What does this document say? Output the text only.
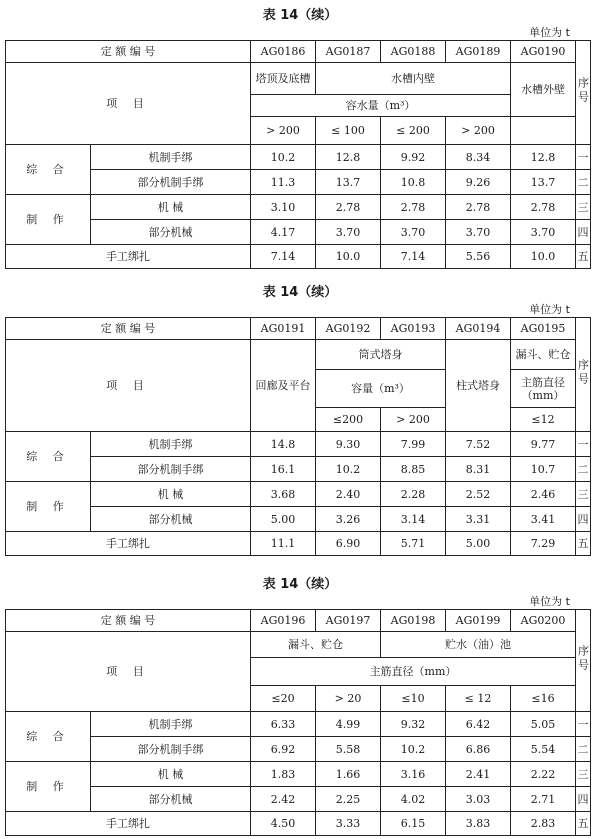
表 14（续）
单位为 t
定 额 编 号		AG0186	AG0187	AG0188	AG0189	AG0190	序号
项 目		塔顶及底槽	水槽内壁			水槽外壁	
		容水量（m³）					
		> 200	≤ 100	≤ 200	> 200		
综 合	机制手绑	10.2	12.8	9.92	8.34	12.8	一
	部分机制手绑	11.3	13.7	10.8	9.26	13.7	二
制 作	机 械	3.10	2.78	2.78	2.78	2.78	三
	部分机械	4.17	3.70	3.70	3.70	3.70	四
手工绑扎		7.14	10.0	7.14	5.56	10.0	五
表 14（续）
单位为 t
定 额 编 号		AG0191	AG0192	AG0193	AG0194	AG0195	序号
项 目		回廊及平台	筒式塔身		柱式塔身	漏斗、贮仓	
			容量（m³）			主筋直径（mm）	
			≤200	> 200		≤12	
综 合	机制手绑	14.8	9.30	7.99	7.52	9.77	一
	部分机制手绑	16.1	10.2	8.85	8.31	10.7	二
制 作	机 械	3.68	2.40	2.28	2.52	2.46	三
	部分机械	5.00	3.26	3.14	3.31	3.41	四
手工绑扎		11.1	6.90	5.71	5.00	7.29	五
表 14（续）
单位为 t
定 额 编 号		AG0196	AG0197	AG0198	AG0199	AG0200	序号
项 目		漏斗、贮仓		贮水（油）池			
		主筋直径（mm）					
		≤20	> 20	≤10	≤ 12	≤16	
综 合	机制手绑	6.33	4.99	9.32	6.42	5.05	一
	部分机制手绑	6.92	5.58	10.2	6.86	5.54	二
制 作	机 械	1.83	1.66	3.16	2.41	2.22	三
	部分机械	2.42	2.25	4.02	3.03	2.71	四
手工绑扎		4.50	3.33	6.15	3.83	2.83	五
